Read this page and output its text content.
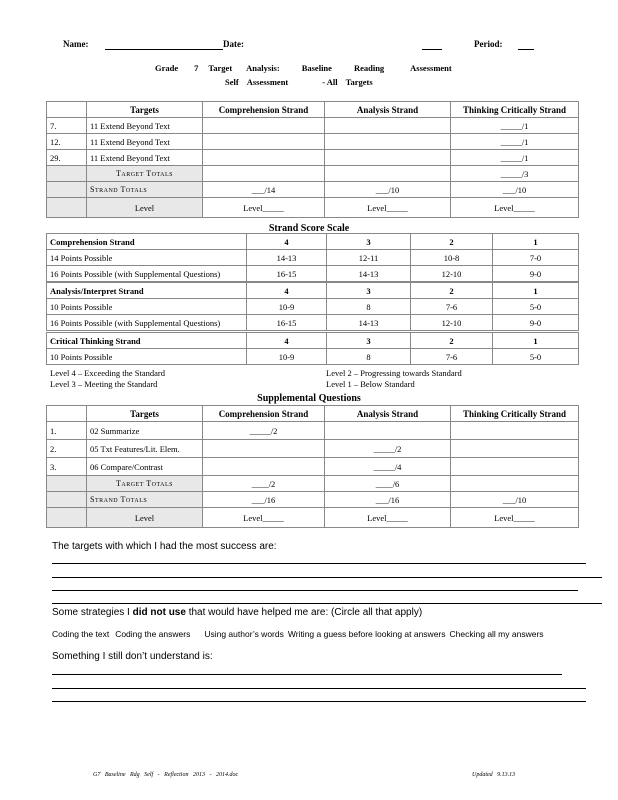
Name:	Date:	Period:
Grade 7 Target Analysis:	Baseline	Reading	Assessment
Self Assessment	- All Targets
	Targets	Comprehension Strand	Analysis Strand	Thinking Critically Strand
7.	11 Extend Beyond Text			_____/1
12.	11 Extend Beyond Text			_____/1
29.	11 Extend Beyond Text			_____/1
	Target Totals			_____/3
	Strand Totals	___/14	___/10	___/10
	Level	Level_____	Level_____	Level_____
Strand Score Scale
Comprehension Strand	4	3	2	1
14 Points Possible	14-13	12-11	10-8	7-0
16 Points Possible (with Supplemental Questions)	16-15	14-13	12-10	9-0
Analysis/Interpret Strand	4	3	2	1
10 Points Possible	10-9	8	7-6	5-0
16 Points Possible (with Supplemental Questions)	16-15	14-13	12-10	9-0
Critical Thinking Strand	4	3	2	1
10 Points Possible	10-9	8	7-6	5-0
Level 4 – Exceeding the Standard	Level 2 – Progressing towards Standard
Level 3 – Meeting the Standard	Level 1 – Below Standard
Supplemental Questions
	Targets	Comprehension Strand	Analysis Strand	Thinking Critically Strand
1.	02 Summarize	_____/2		
2.	05 Txt Features/Lit. Elem.		_____/2	
3.	06 Compare/Contrast		_____/4	
	Target Totals	____/2	____/6	
	Strand Totals	___/16	___/16	___/10
	Level	Level_____	Level_____	Level_____
The targets with which I had the most success are:
Some strategies I did not use that would have helped me are: (Circle all that apply)
Coding the text Coding the answers Using author’s words Writing a guess before looking at answers Checking all my answers
Something I still don’t understand is:
G7 Baseline Rdg Self - Reflection 2013 - 2014.doc	Updated 9.13.13
